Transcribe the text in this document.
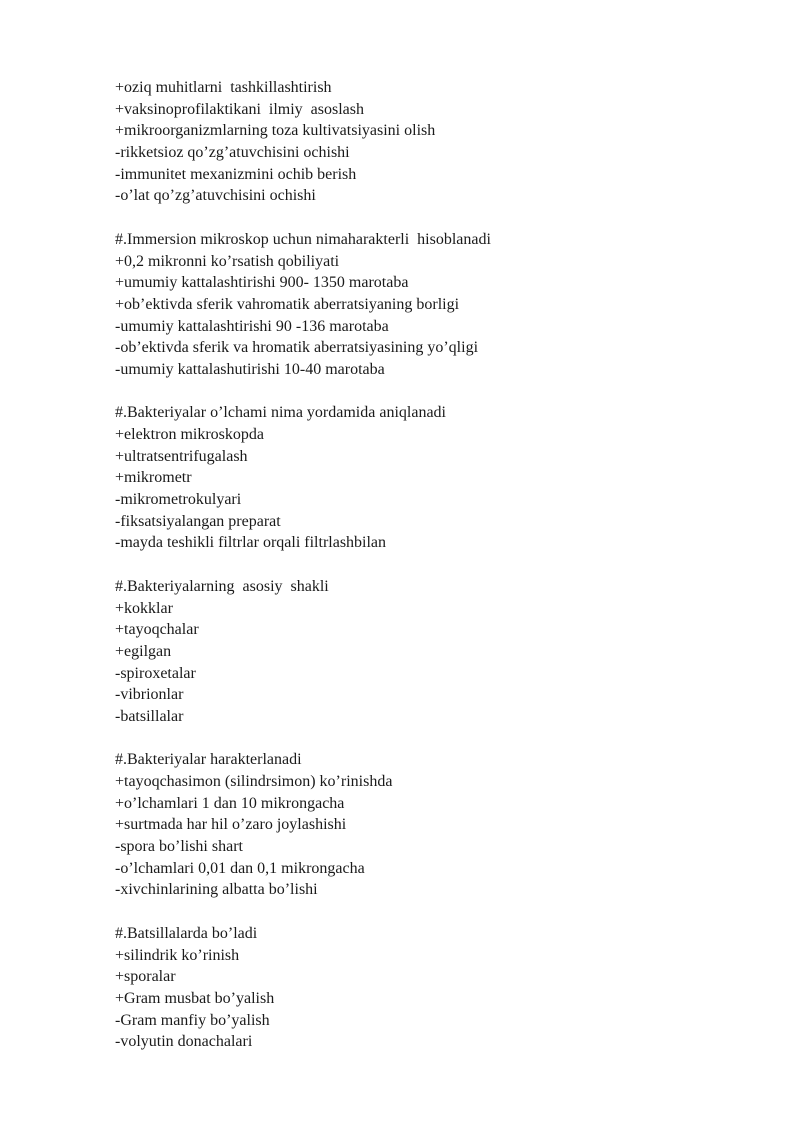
+oziq muhitlarni  tashkillashtirish
+vaksinoprofilaktikani  ilmiy  asoslash
+mikroorganizmlarning toza kultivatsiyasini olish
-rikketsioz qo’zg’atuvchisini ochishi
-immunitet mexanizmini ochib berish
-o’lat qo’zg’atuvchisini ochishi
#.Immersion mikroskop uchun nimaharakterli  hisoblanadi
+0,2 mikronni ko’rsatish qobiliyati
+umumiy kattalashtirishi 900- 1350 marotaba
+ob’ektivda sferik vahromatik aberratsiyaning borligi
-umumiy kattalashtirishi 90 -136 marotaba
-ob’ektivda sferik va hromatik aberratsiyasining yo’qligi
-umumiy kattalashutirishi 10-40 marotaba
#.Bakteriyalar o’lchami nima yordamida aniqlanadi
+elektron mikroskopda
+ultratsentrifugalash
+mikrometr
-mikrometrokulyari
-fiksatsiyalangan preparat
-mayda teshikli filtrlar orqali filtrlashbilan
#.Bakteriyalarning  asosiy  shakli
+kokklar
+tayoqchalar
+egilgan
-spiroxetalar
-vibrionlar
-batsillalar
#.Bakteriyalar harakterlanadi
+tayoqchasimon (silindrsimon) ko’rinishda
+o’lchamlari 1 dan 10 mikrongacha
+surtmada har hil o’zaro joylashishi
-spora bo’lishi shart
-o’lchamlari 0,01 dan 0,1 mikrongacha
-xivchinlarining albatta bo’lishi
#.Batsillalarda bo’ladi
+silindrik ko’rinish
+sporalar
+Gram musbat bo’yalish
-Gram manfiy bo’yalish
-volyutin donachalari
